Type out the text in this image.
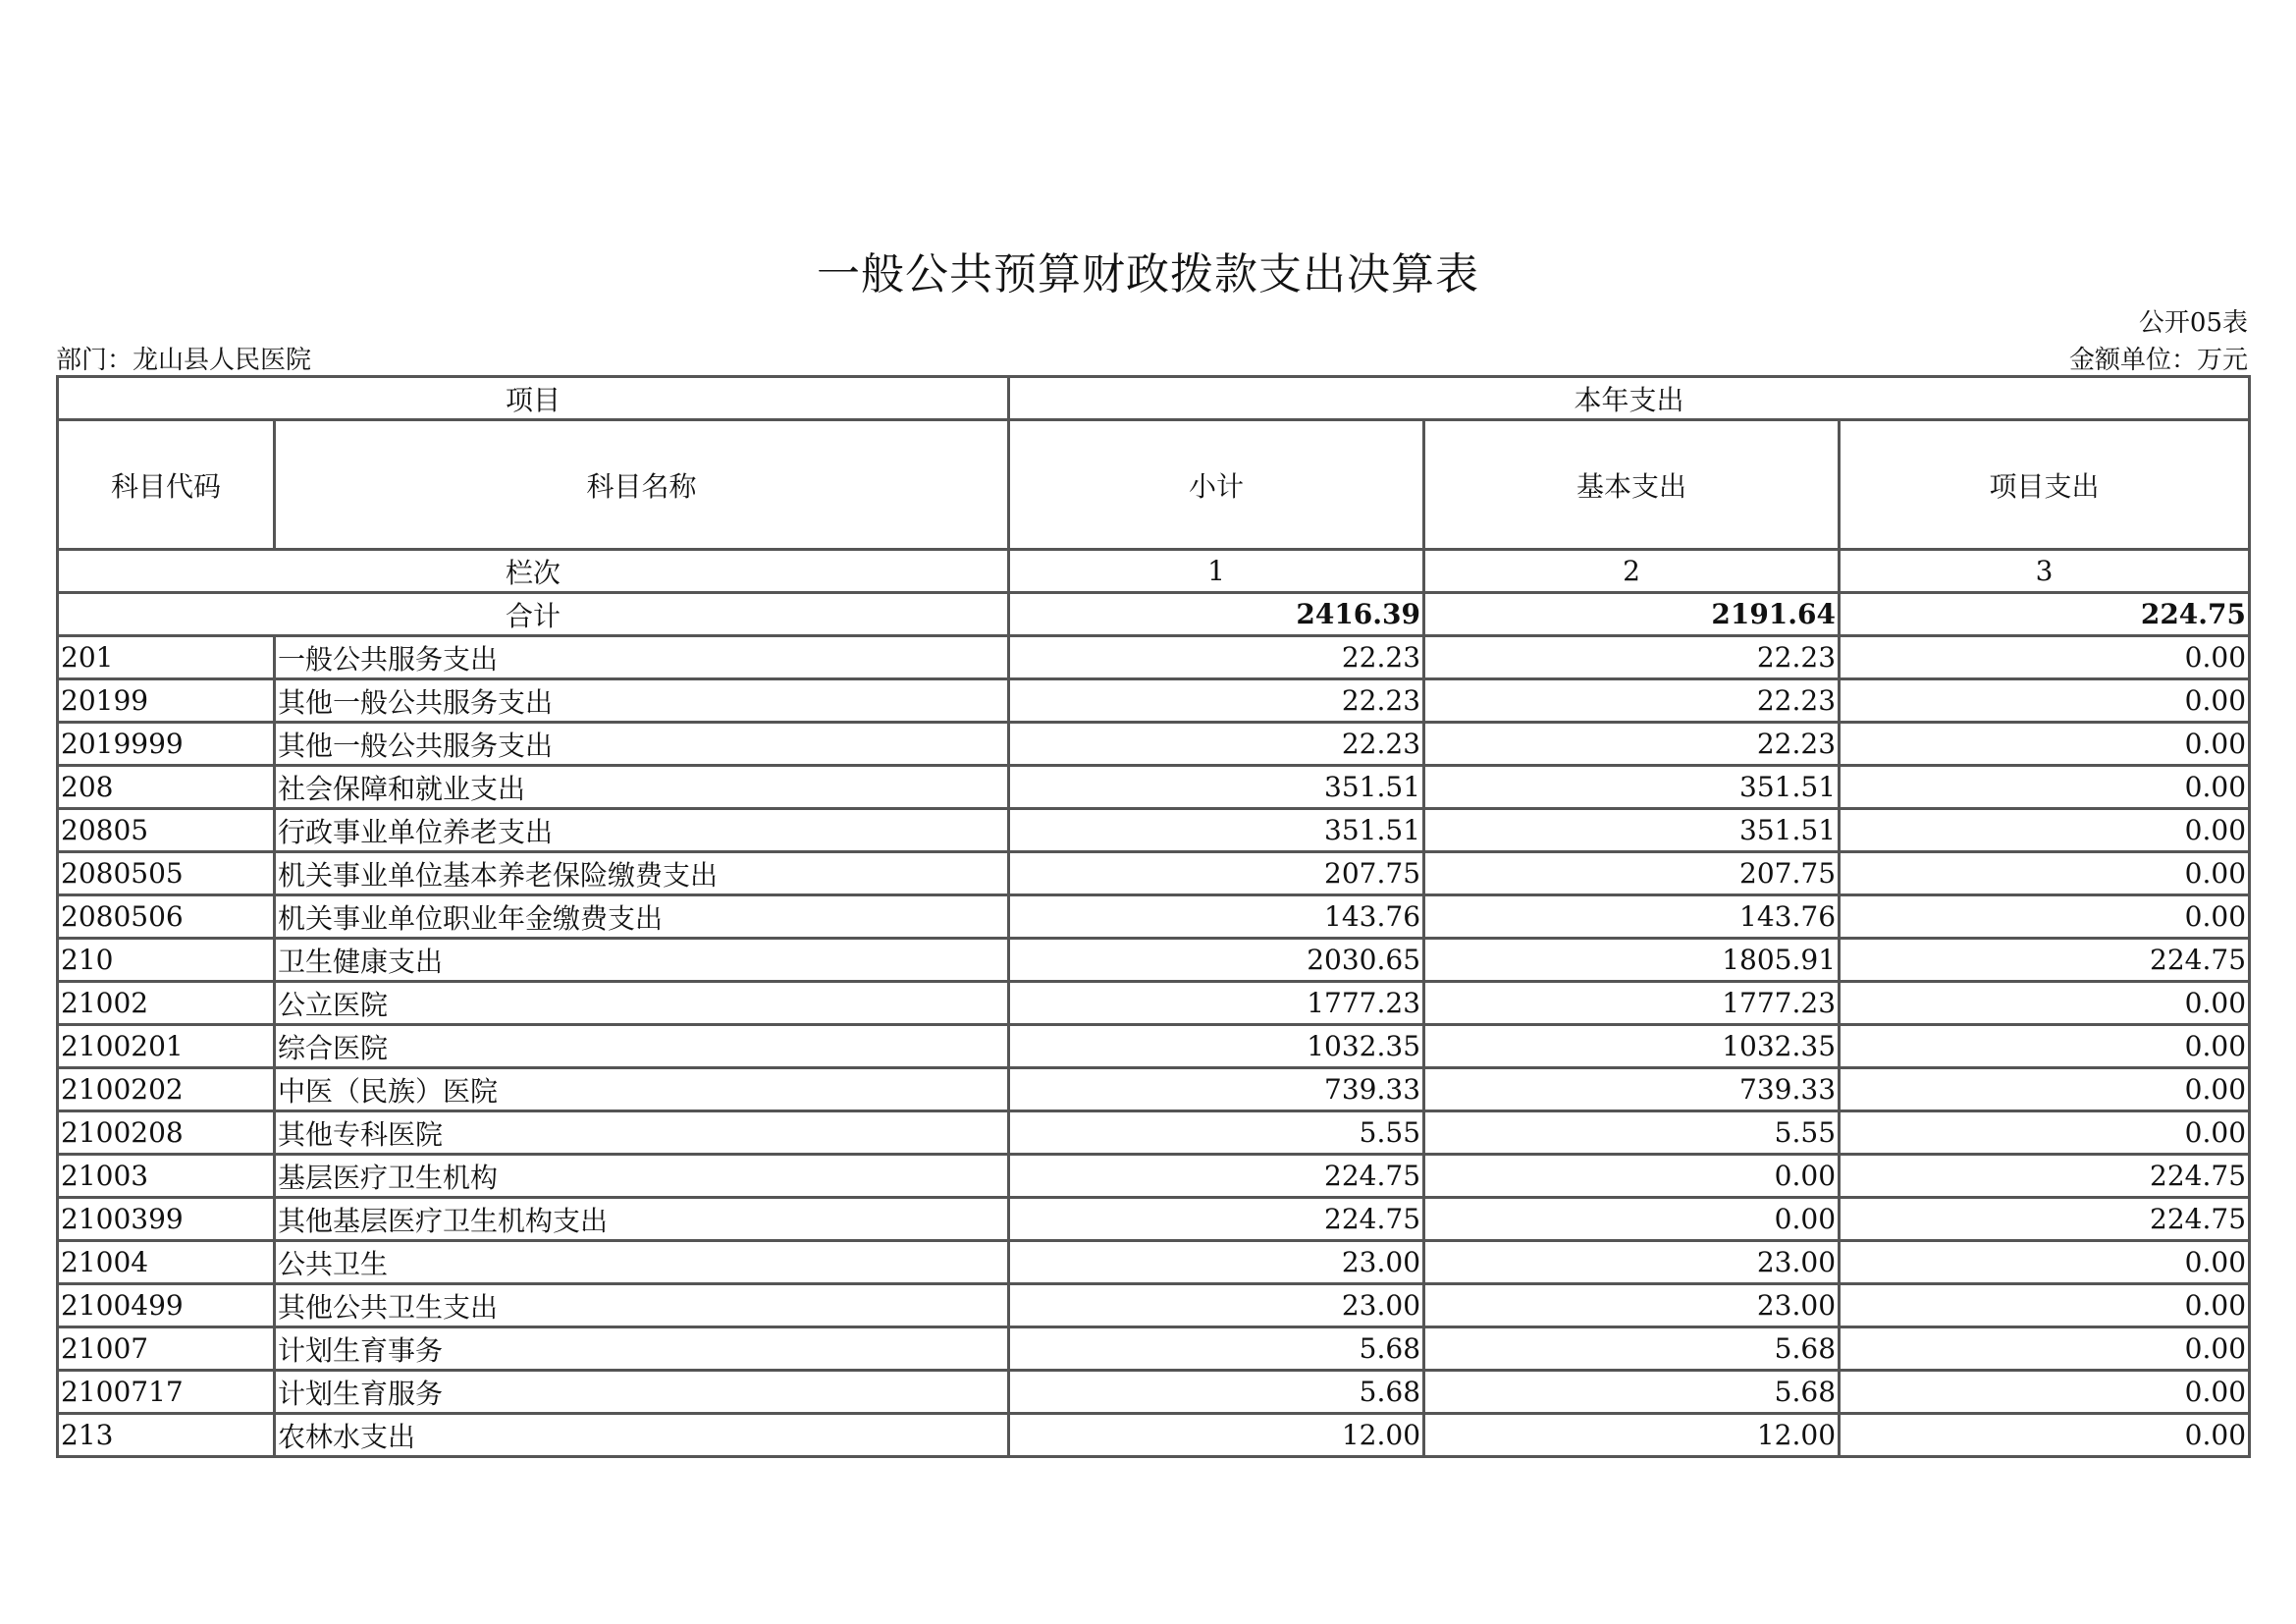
一般公共预算财政拨款支出决算表
公开05表
部门：龙山县人民医院	金额单位：万元
项目		本年支出		
科目代码	科目名称	小计	基本支出	项目支出
栏次		1	2	3
合计		2416.39	2191.64	224.75
201	一般公共服务支出	22.23	22.23	0.00
20199	其他一般公共服务支出	22.23	22.23	0.00
2019999	其他一般公共服务支出	22.23	22.23	0.00
208	社会保障和就业支出	351.51	351.51	0.00
20805	行政事业单位养老支出	351.51	351.51	0.00
2080505	机关事业单位基本养老保险缴费支出	207.75	207.75	0.00
2080506	机关事业单位职业年金缴费支出	143.76	143.76	0.00
210	卫生健康支出	2030.65	1805.91	224.75
21002	公立医院	1777.23	1777.23	0.00
2100201	综合医院	1032.35	1032.35	0.00
2100202	中医（民族）医院	739.33	739.33	0.00
2100208	其他专科医院	5.55	5.55	0.00
21003	基层医疗卫生机构	224.75	0.00	224.75
2100399	其他基层医疗卫生机构支出	224.75	0.00	224.75
21004	公共卫生	23.00	23.00	0.00
2100499	其他公共卫生支出	23.00	23.00	0.00
21007	计划生育事务	5.68	5.68	0.00
2100717	计划生育服务	5.68	5.68	0.00
213	农林水支出	12.00	12.00	0.00
